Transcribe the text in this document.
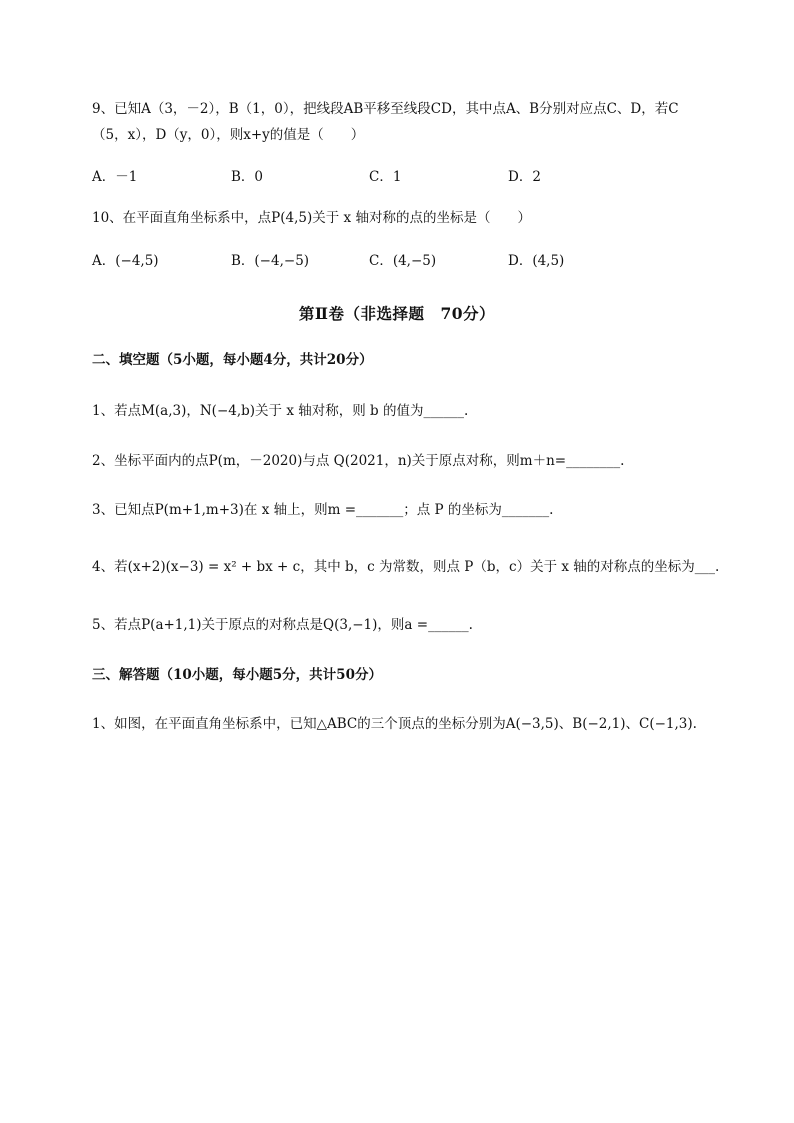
9、已知A（3，－2），B（1，0），把线段AB平移至线段CD，其中点A、B分别对应点C、D，若C
（5，x），D（y，0），则x+y的值是（　　）
A．－1	B．0	C．1	D．2
10、在平面直角坐标系中，点P(4,5)关于 x 轴对称的点的坐标是（　　）
A．(−4,5)	B．(−4,−5)	C．(4,−5)	D．(4,5)
第Ⅱ卷（非选择题　70分）
二、填空题（5小题，每小题4分，共计20分）
1、若点M(a,3)，N(−4,b)关于 x 轴对称，则 b 的值为______.
2、坐标平面内的点P(m，－2020)与点 Q(2021，n)关于原点对称，则m＋n=________.
3、已知点P(m+1,m+3)在 x 轴上，则m =_______；点 P 的坐标为_______.
4、若(x+2)(x−3) = x² + bx + c，其中 b，c 为常数，则点 P（b，c）关于 x 轴的对称点的坐标为___.
5、若点P(a+1,1)关于原点的对称点是Q(3,−1)，则a =______.
三、解答题（10小题，每小题5分，共计50分）
1、如图，在平面直角坐标系中，已知△ABC的三个顶点的坐标分别为A(−3,5)、B(−2,1)、C(−1,3).
